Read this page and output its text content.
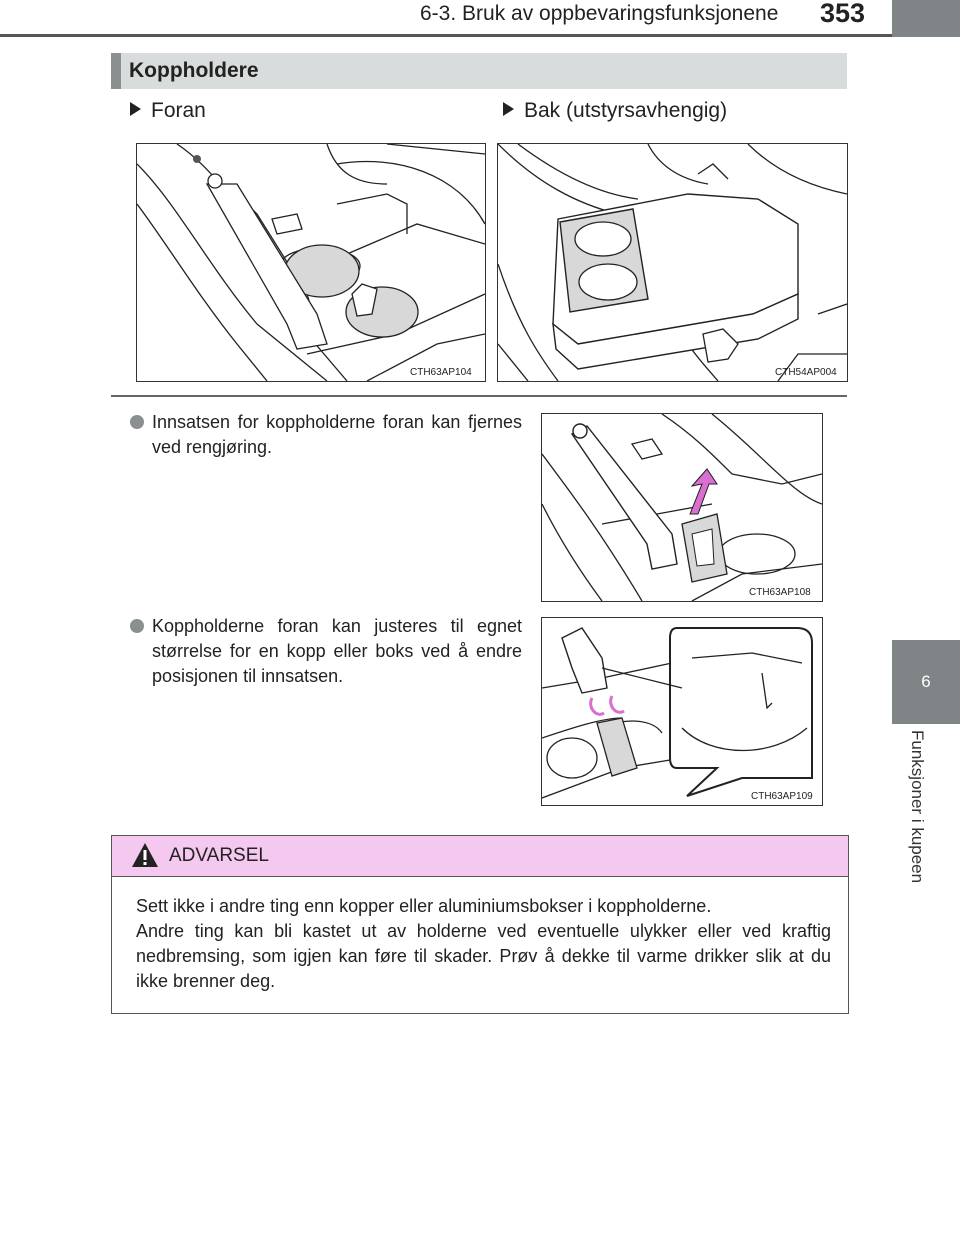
6-3. Bruk av oppbevaringsfunksjonene 353
6
Funksjoner i kupeen
Koppholdere
Foran	Bak (utstyrsavhengig)
CTH63AP104	CTH54AP004
Innsatsen for koppholderne foran kan fjernes ved rengjøring.
CTH63AP108
Koppholderne foran kan justeres til egnet størrelse for en kopp eller boks ved å endre posisjonen til innsatsen.
CTH63AP109
ADVARSEL
Sett ikke i andre ting enn kopper eller aluminiumsbokser i koppholderne.
Andre ting kan bli kastet ut av holderne ved eventuelle ulykker eller ved kraftig nedbremsing, som igjen kan føre til skader. Prøv å dekke til varme drikker slik at du ikke brenner deg.
